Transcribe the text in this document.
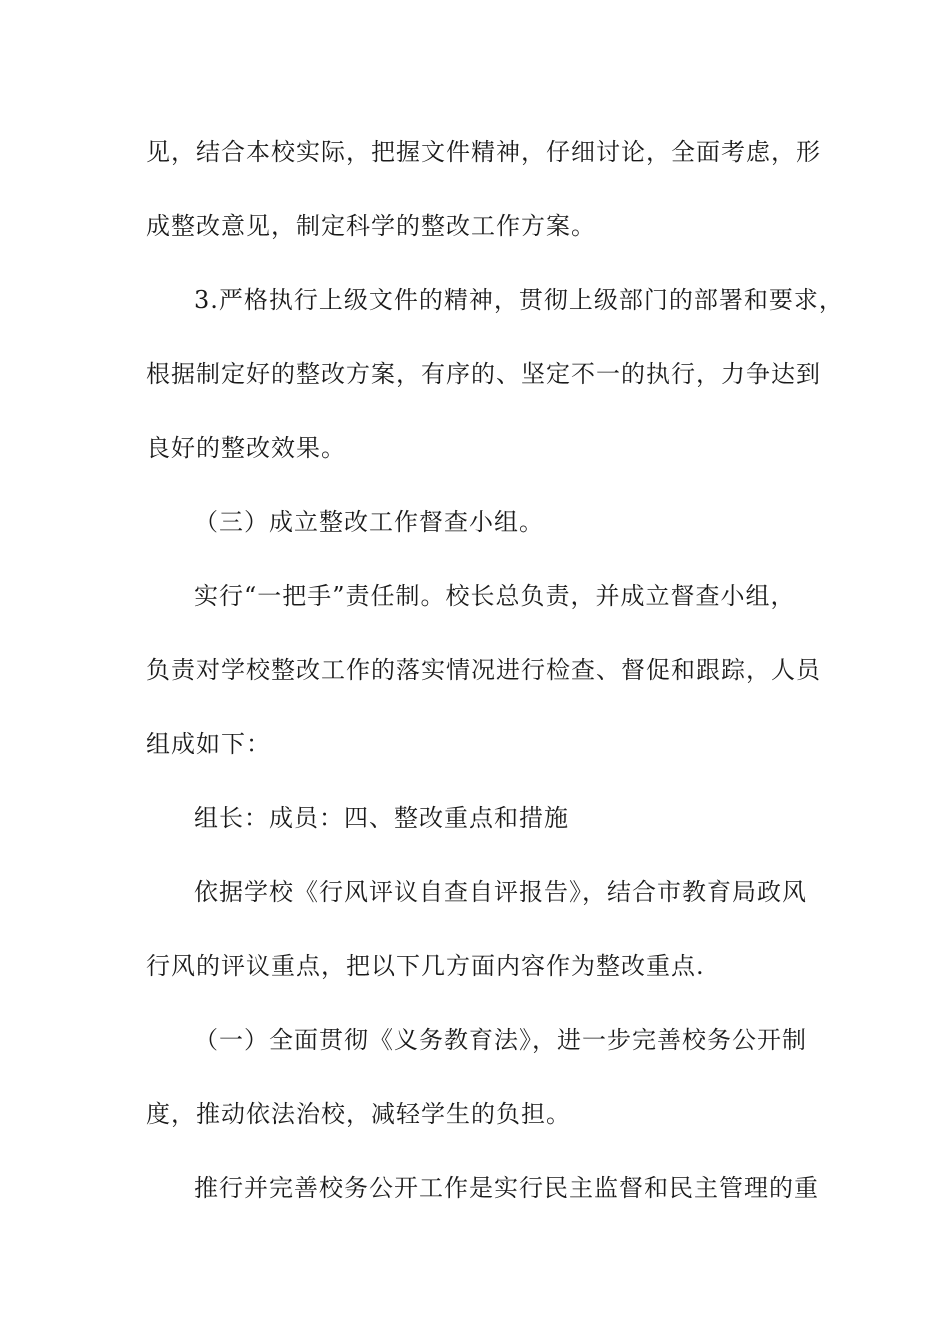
见，结合本校实际，把握文件精神，仔细讨论，全面考虑，形
成整改意见，制定科学的整改工作方案。
3.严格执行上级文件的精神，贯彻上级部门的部署和要求，
根据制定好的整改方案，有序的、坚定不一的执行，力争达到
良好的整改效果。
（三）成立整改工作督查小组。
实行“一把手”责任制。校长总负责，并成立督查小组，
负责对学校整改工作的落实情况进行检查、督促和跟踪，人员
组成如下：
组长：成员：四、整改重点和措施
依据学校《行风评议自查自评报告》，结合市教育局政风
行风的评议重点，把以下几方面内容作为整改重点.
（一）全面贯彻《义务教育法》，进一步完善校务公开制
度，推动依法治校，减轻学生的负担。
推行并完善校务公开工作是实行民主监督和民主管理的重
